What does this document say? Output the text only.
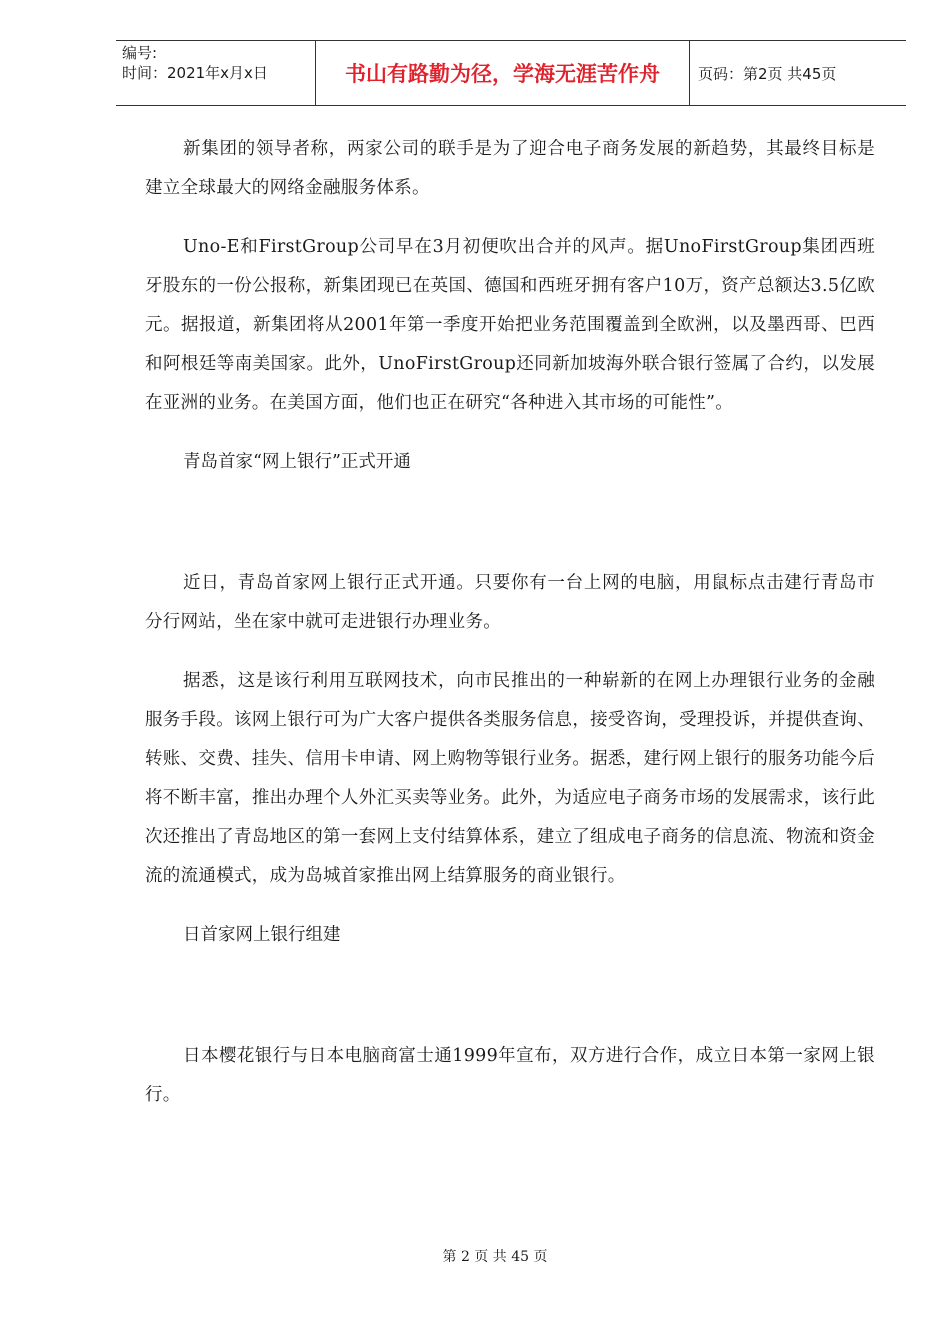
编号:
时间：2021年x月x日	书山有路勤为径，学海无涯苦作舟	页码：第2页 共45页

新集团的领导者称，两家公司的联手是为了迎合电子商务发展的新趋势，其最终目标是建立全球最大的网络金融服务体系。

Uno-E和FirstGroup公司早在3月初便吹出合并的风声。据UnoFirstGroup集团西班牙股东的一份公报称，新集团现已在英国、德国和西班牙拥有客户10万，资产总额达3.5亿欧元。据报道，新集团将从2001年第一季度开始把业务范围覆盖到全欧洲，以及墨西哥、巴西和阿根廷等南美国家。此外，UnoFirstGroup还同新加坡海外联合银行签属了合约，以发展在亚洲的业务。在美国方面，他们也正在研究“各种进入其市场的可能性”。

青岛首家“网上银行”正式开通

近日，青岛首家网上银行正式开通。只要你有一台上网的电脑，用鼠标点击建行青岛市分行网站，坐在家中就可走进银行办理业务。

据悉，这是该行利用互联网技术，向市民推出的一种崭新的在网上办理银行业务的金融服务手段。该网上银行可为广大客户提供各类服务信息，接受咨询，受理投诉，并提供查询、转账、交费、挂失、信用卡申请、网上购物等银行业务。据悉，建行网上银行的服务功能今后将不断丰富，推出办理个人外汇买卖等业务。此外，为适应电子商务市场的发展需求，该行此次还推出了青岛地区的第一套网上支付结算体系，建立了组成电子商务的信息流、物流和资金流的流通模式，成为岛城首家推出网上结算服务的商业银行。

日首家网上银行组建

日本樱花银行与日本电脑商富士通1999年宣布，双方进行合作，成立日本第一家网上银行。

第 2 页 共 45 页
